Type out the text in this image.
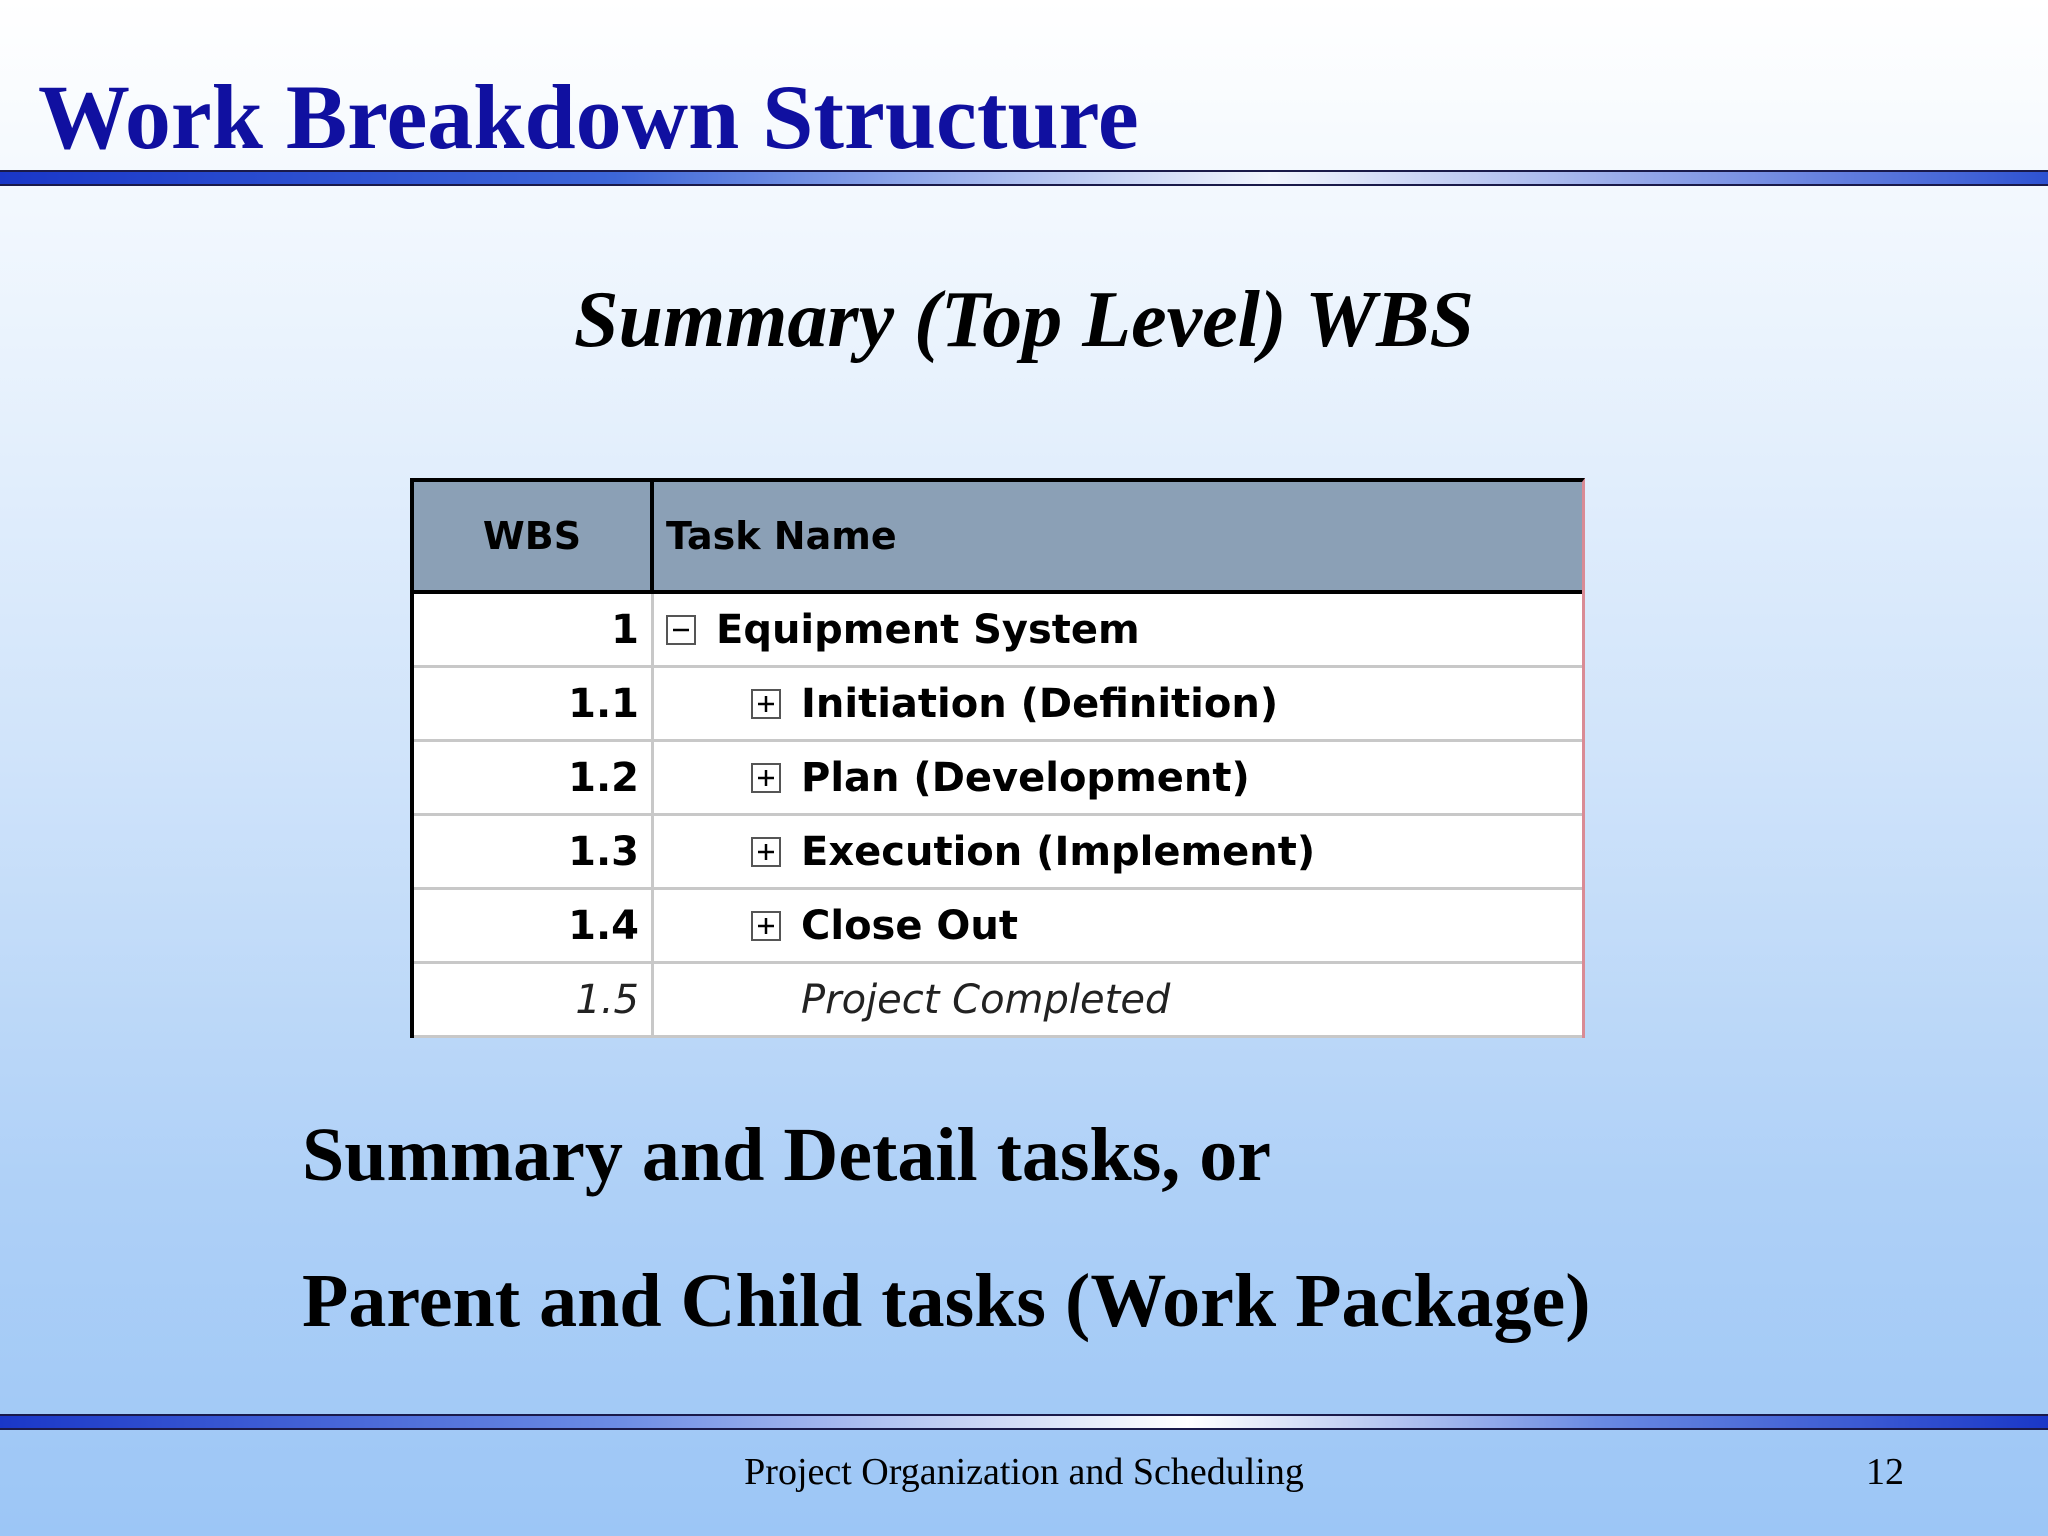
Work Breakdown Structure
Summary (Top Level) WBS
WBS	Task Name
1	Equipment System
1.1	Initiation (Definition)
1.2	Plan (Development)
1.3	Execution (Implement)
1.4	Close Out
1.5	Project Completed

Summary and Detail tasks, or

Parent and Child tasks (Work Package)

Project Organization and Scheduling	12
